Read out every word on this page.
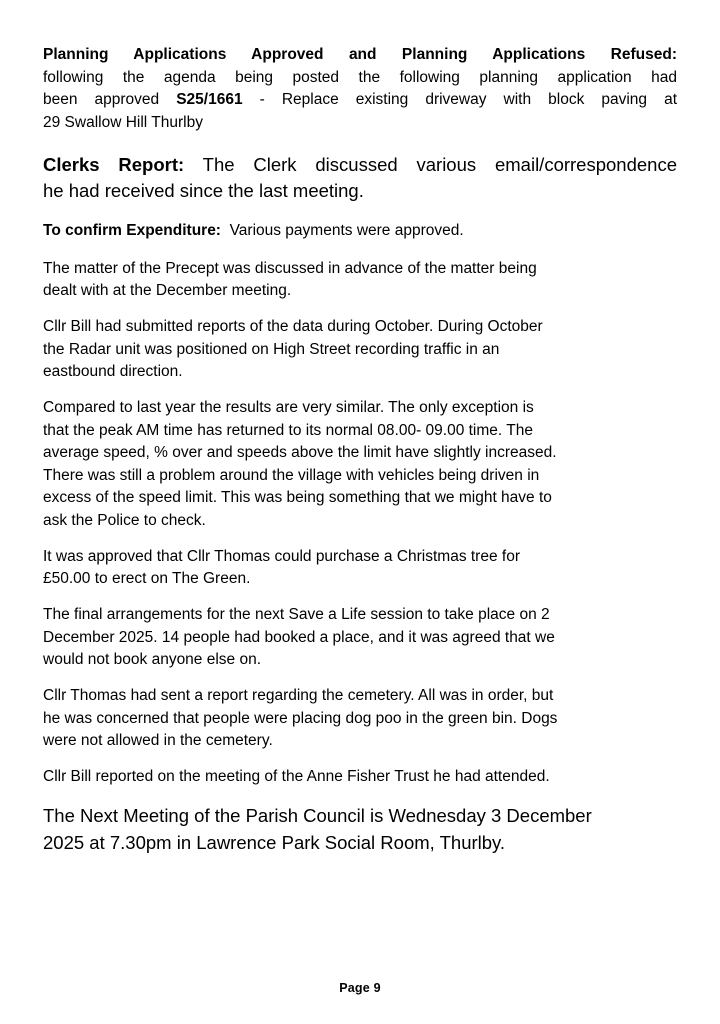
Planning Applications Approved and Planning Applications Refused:
following the agenda being posted the following planning application had
been approved S25/1661 - Replace existing driveway with block paving at
29 Swallow Hill Thurlby

Clerks Report: The Clerk discussed various email/correspondence
he had received since the last meeting.

To confirm Expenditure:  Various payments were approved.

The matter of the Precept was discussed in advance of the matter being
dealt with at the December meeting.

Cllr Bill had submitted reports of the data during October. During October
the Radar unit was positioned on High Street recording traffic in an
eastbound direction.

Compared to last year the results are very similar. The only exception is
that the peak AM time has returned to its normal 08.00- 09.00 time. The
average speed, % over and speeds above the limit have slightly increased.
There was still a problem around the village with vehicles being driven in
excess of the speed limit. This was being something that we might have to
ask the Police to check.

It was approved that Cllr Thomas could purchase a Christmas tree for
£50.00 to erect on The Green.

The final arrangements for the next Save a Life session to take place on 2
December 2025. 14 people had booked a place, and it was agreed that we
would not book anyone else on.

Cllr Thomas had sent a report regarding the cemetery. All was in order, but
he was concerned that people were placing dog poo in the green bin. Dogs
were not allowed in the cemetery.

Cllr Bill reported on the meeting of the Anne Fisher Trust he had attended.

The Next Meeting of the Parish Council is Wednesday 3 December
2025 at 7.30pm in Lawrence Park Social Room, Thurlby.

Page 9
